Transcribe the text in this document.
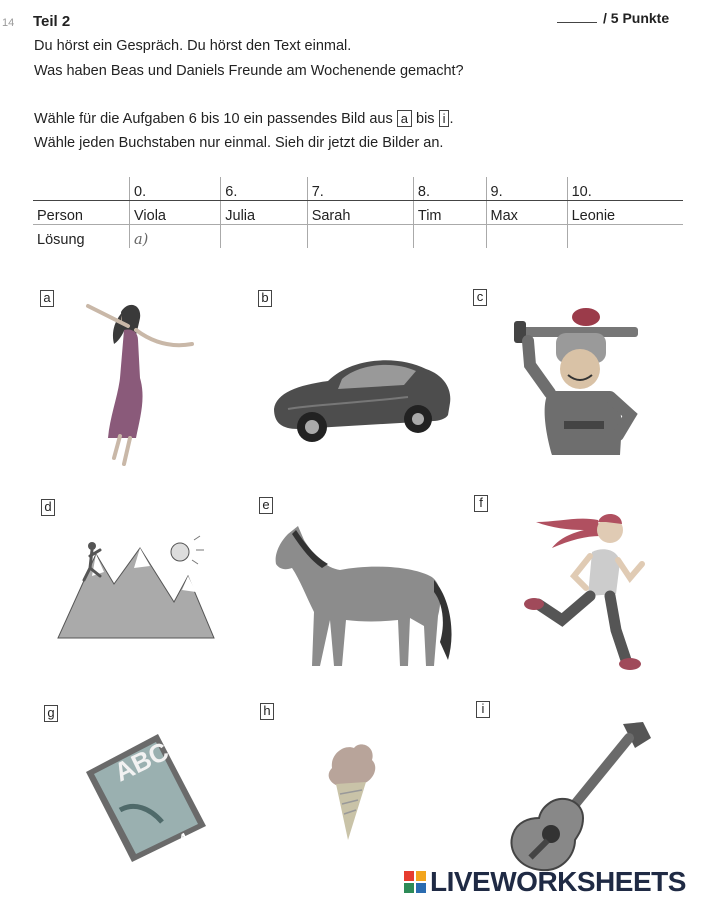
14 Teil 2	/ 5 Punkte
Du hörst ein Gespräch. Du hörst den Text einmal.
Was haben Beas und Daniels Freunde am Wochenende gemacht?
Wähle für die Aufgaben 6 bis 10 ein passendes Bild aus a bis i .
Wähle jeden Buchstaben nur einmal. Sieh dir jetzt die Bilder an.
	0.	6.	7.	8.	9.	10.
Person	Viola	Julia	Sarah	Tim	Max	Leonie
Lösung	a)					
a	b	c
d	e	f
g	h	i
ABC
4
LIVEWORKSHEETS
